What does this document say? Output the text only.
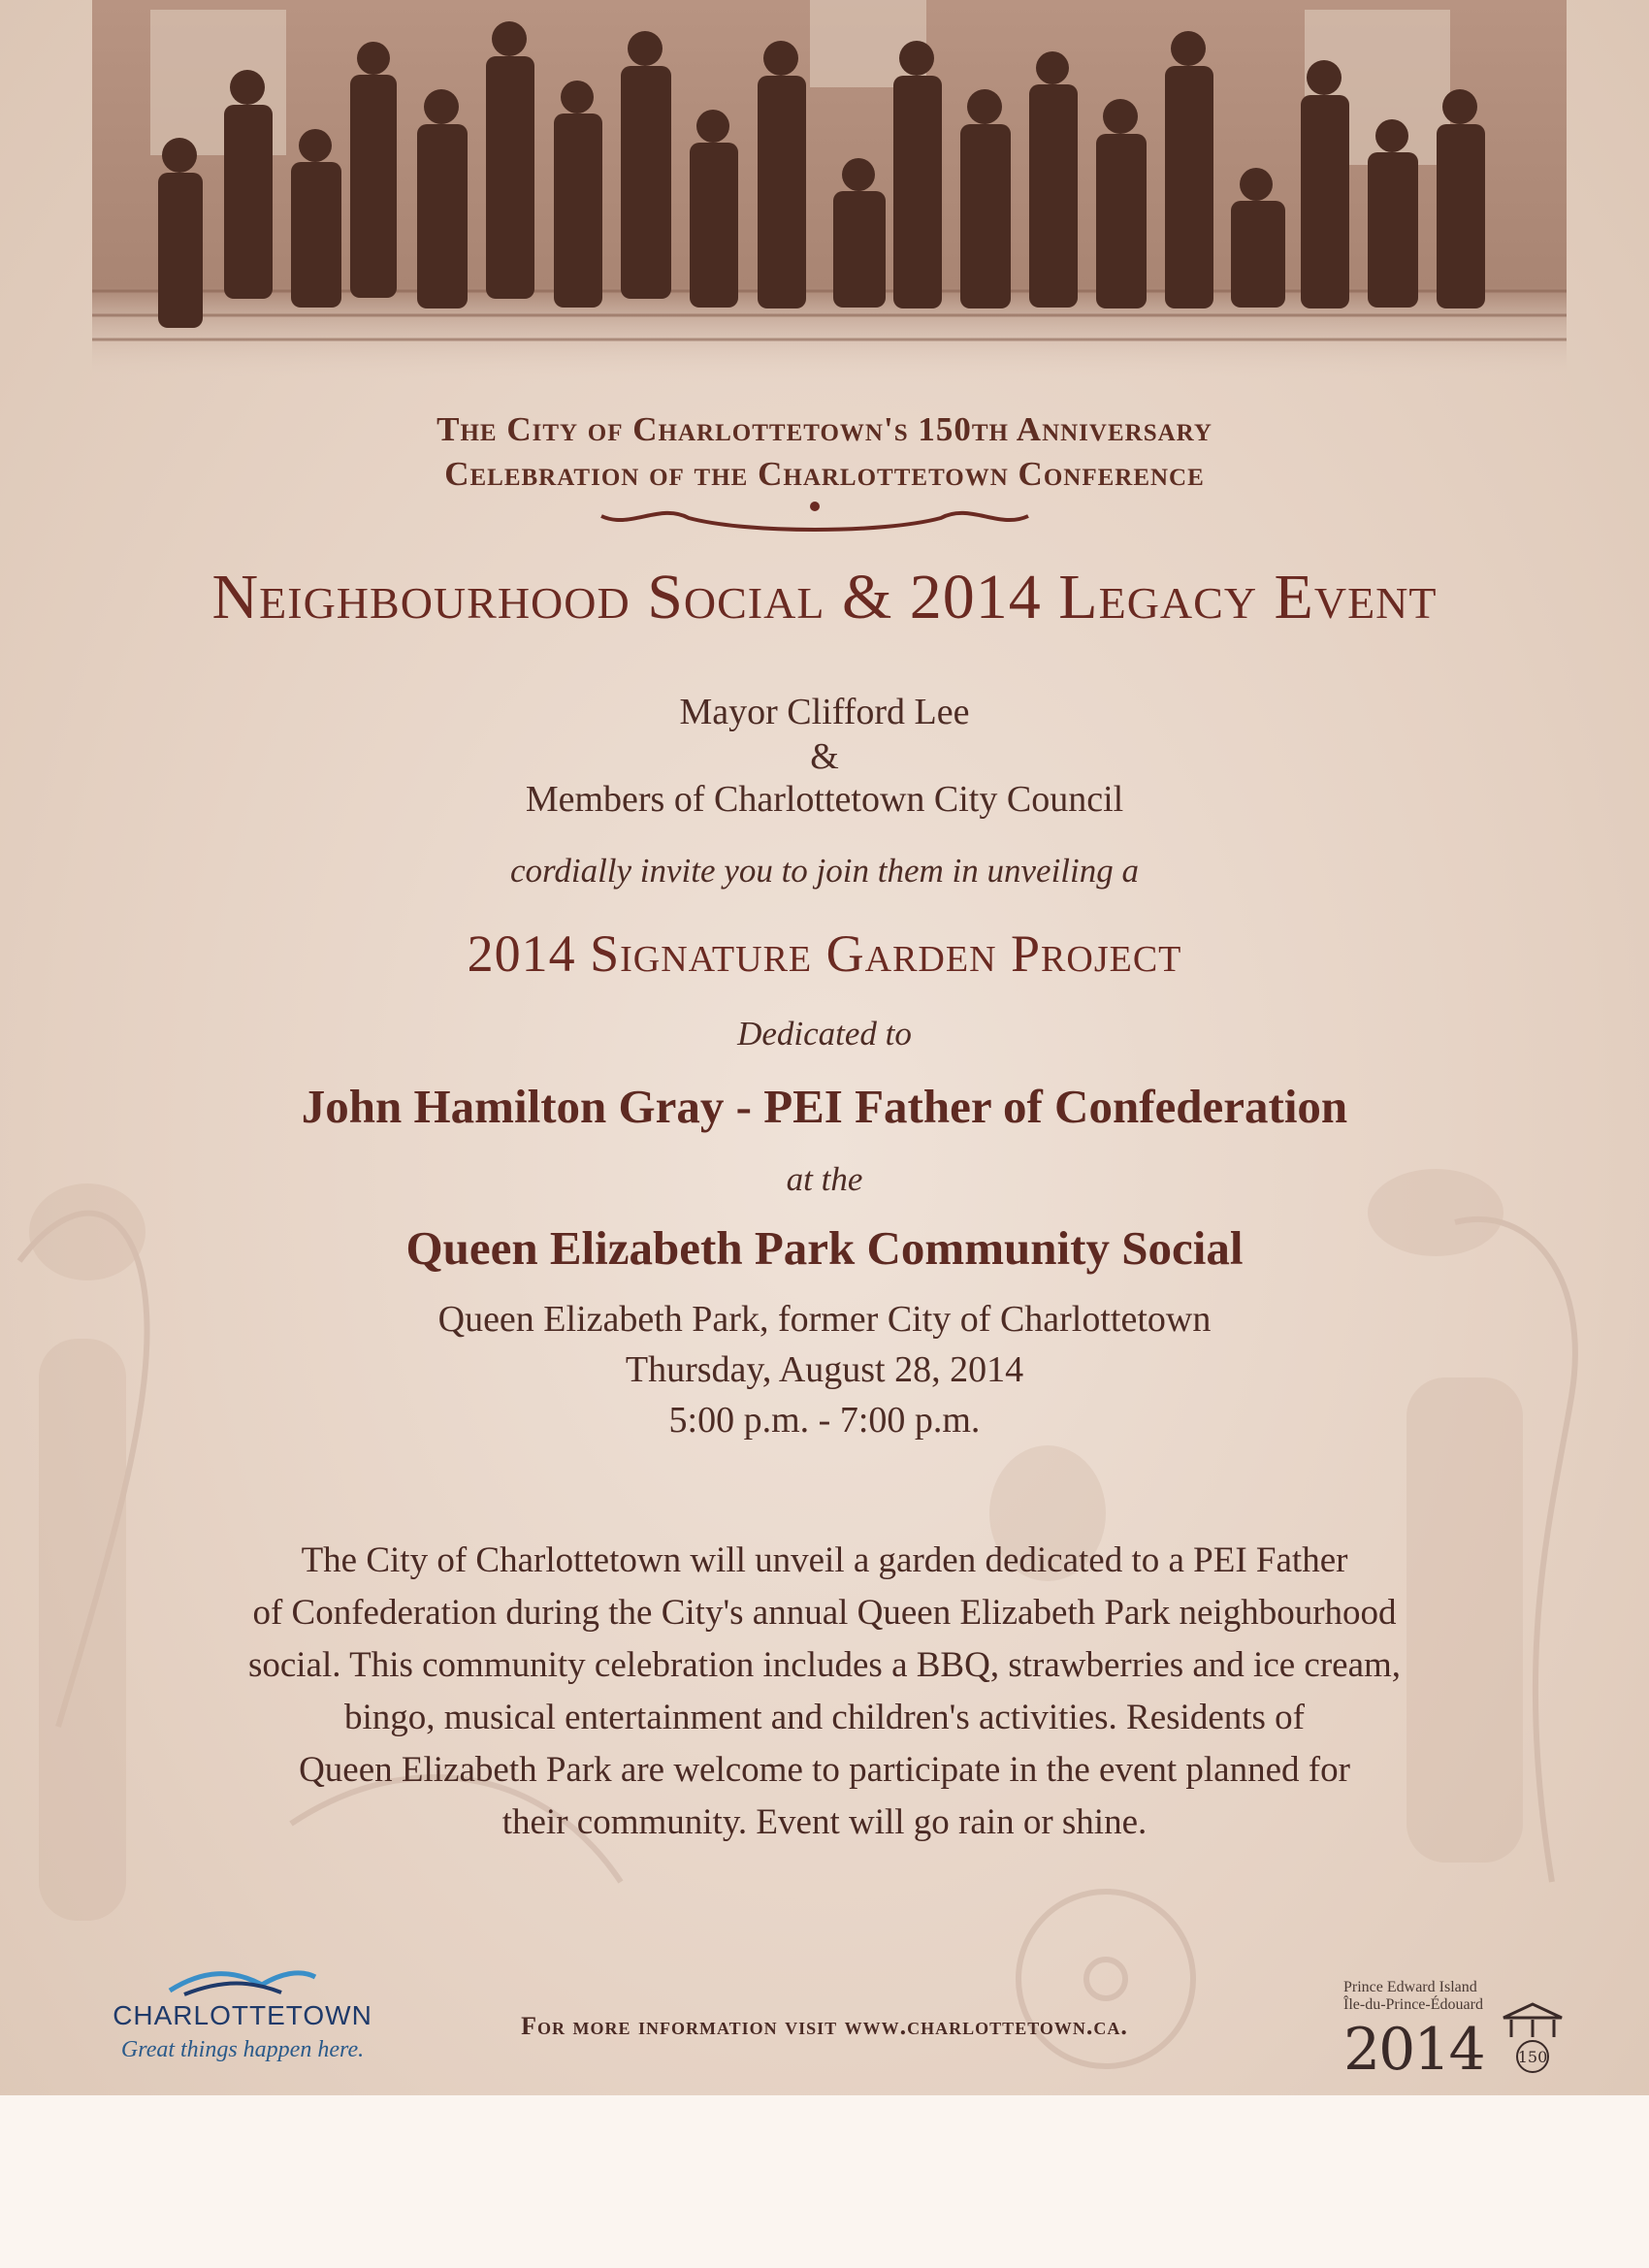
The City of Charlottetown's 150th Anniversary
Celebration of the Charlottetown Conference
Neighbourhood Social & 2014 Legacy Event
Mayor Clifford Lee
&
Members of Charlottetown City Council
cordially invite you to join them in unveiling a
2014 Signature Garden Project
Dedicated to
John Hamilton Gray - PEI Father of Confederation
at the
Queen Elizabeth Park Community Social
Queen Elizabeth Park, former City of Charlottetown
Thursday, August 28, 2014
5:00 p.m. - 7:00 p.m.
The City of Charlottetown will unveil a garden dedicated to a PEI Father
of Confederation during the City's annual Queen Elizabeth Park neighbourhood
social. This community celebration includes a BBQ, strawberries and ice cream,
bingo, musical entertainment and children's activities. Residents of
Queen Elizabeth Park are welcome to participate in the event planned for
their community. Event will go rain or shine.
CHARLOTTETOWN
Great things happen here.
For more information visit www.charlottetown.ca.
Prince Edward Island
Île-du-Prince-Édouard
2014 150
